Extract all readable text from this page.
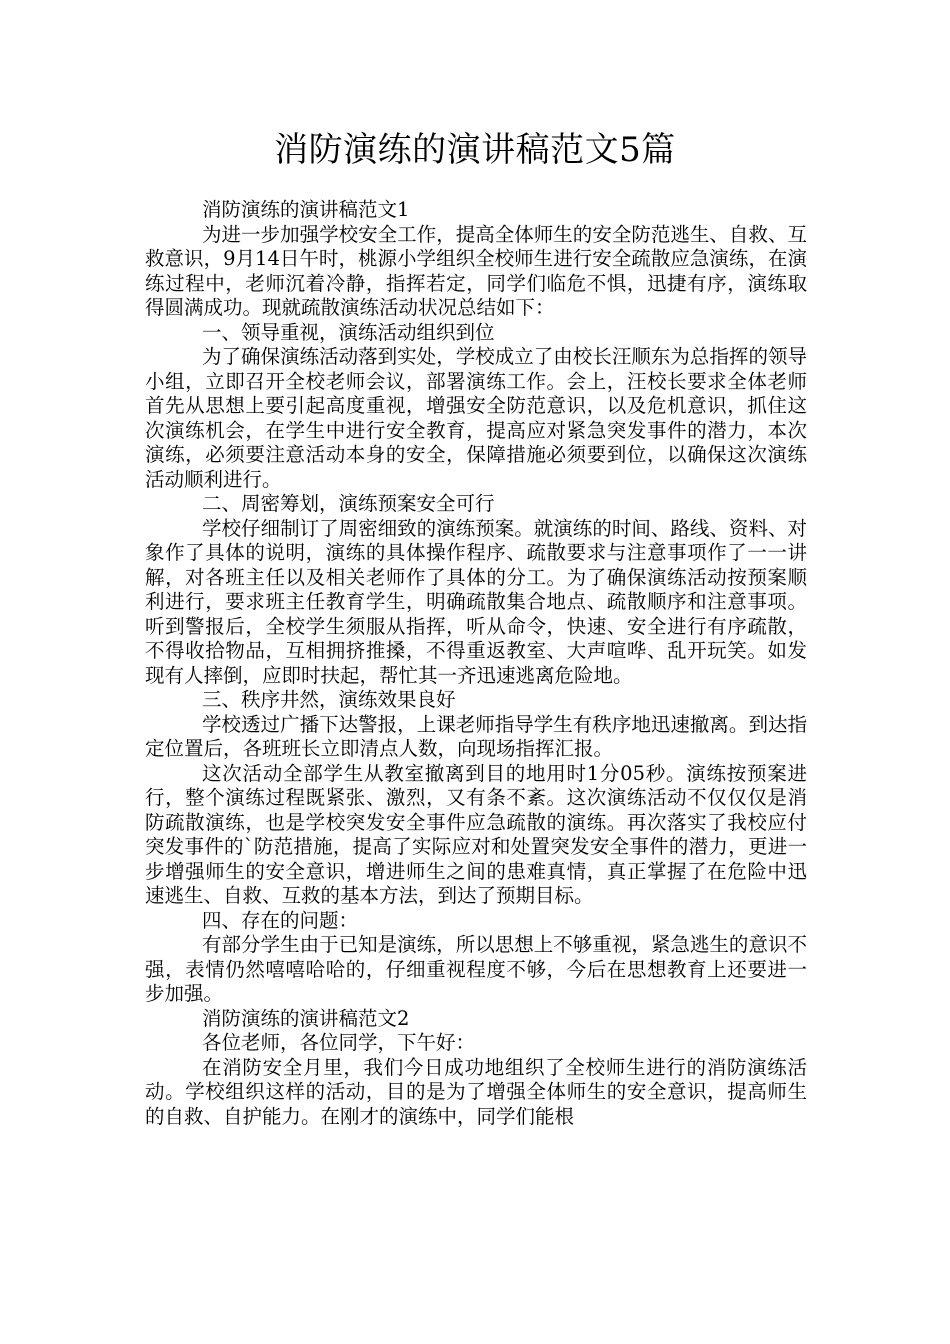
消防演练的演讲稿范文5篇

消防演练的演讲稿范文1

为进一步加强学校安全工作，提高全体师生的安全防范逃生、自救、互救意识，9月14日午时，桃源小学组织全校师生进行安全疏散应急演练，在演练过程中，老师沉着冷静，指挥若定，同学们临危不惧，迅捷有序，演练取得圆满成功。现就疏散演练活动状况总结如下：

一、领导重视，演练活动组织到位

为了确保演练活动落到实处，学校成立了由校长汪顺东为总指挥的领导小组，立即召开全校老师会议，部署演练工作。会上，汪校长要求全体老师首先从思想上要引起高度重视，增强安全防范意识，以及危机意识，抓住这次演练机会，在学生中进行安全教育，提高应对紧急突发事件的潜力，本次演练，必须要注意活动本身的安全，保障措施必须要到位，以确保这次演练活动顺利进行。

二、周密筹划，演练预案安全可行

学校仔细制订了周密细致的演练预案。就演练的时间、路线、资料、对象作了具体的说明，演练的具体操作程序、疏散要求与注意事项作了一一讲解，对各班主任以及相关老师作了具体的分工。为了确保演练活动按预案顺利进行，要求班主任教育学生，明确疏散集合地点、疏散顺序和注意事项。听到警报后，全校学生须服从指挥，听从命令，快速、安全进行有序疏散，不得收拾物品，互相拥挤推搡，不得重返教室、大声喧哗、乱开玩笑。如发现有人摔倒，应即时扶起，帮忙其一齐迅速逃离危险地。

三、秩序井然，演练效果良好

学校透过广播下达警报，上课老师指导学生有秩序地迅速撤离。到达指定位置后，各班班长立即清点人数，向现场指挥汇报。

这次活动全部学生从教室撤离到目的地用时1分05秒。演练按预案进行，整个演练过程既紧张、激烈，又有条不紊。这次演练活动不仅仅仅是消防疏散演练，也是学校突发安全事件应急疏散的演练。再次落实了我校应付突发事件的`防范措施，提高了实际应对和处置突发安全事件的潜力，更进一步增强师生的安全意识，增进师生之间的患难真情，真正掌握了在危险中迅速逃生、自救、互救的基本方法，到达了预期目标。

四、存在的问题：

有部分学生由于已知是演练，所以思想上不够重视，紧急逃生的意识不强，表情仍然嘻嘻哈哈的，仔细重视程度不够，今后在思想教育上还要进一步加强。

消防演练的演讲稿范文2

各位老师，各位同学，下午好：

在消防安全月里，我们今日成功地组织了全校师生进行的消防演练活动。学校组织这样的活动，目的是为了增强全体师生的安全意识，提高师生的自救、自护能力。在刚才的演练中，同学们能根
